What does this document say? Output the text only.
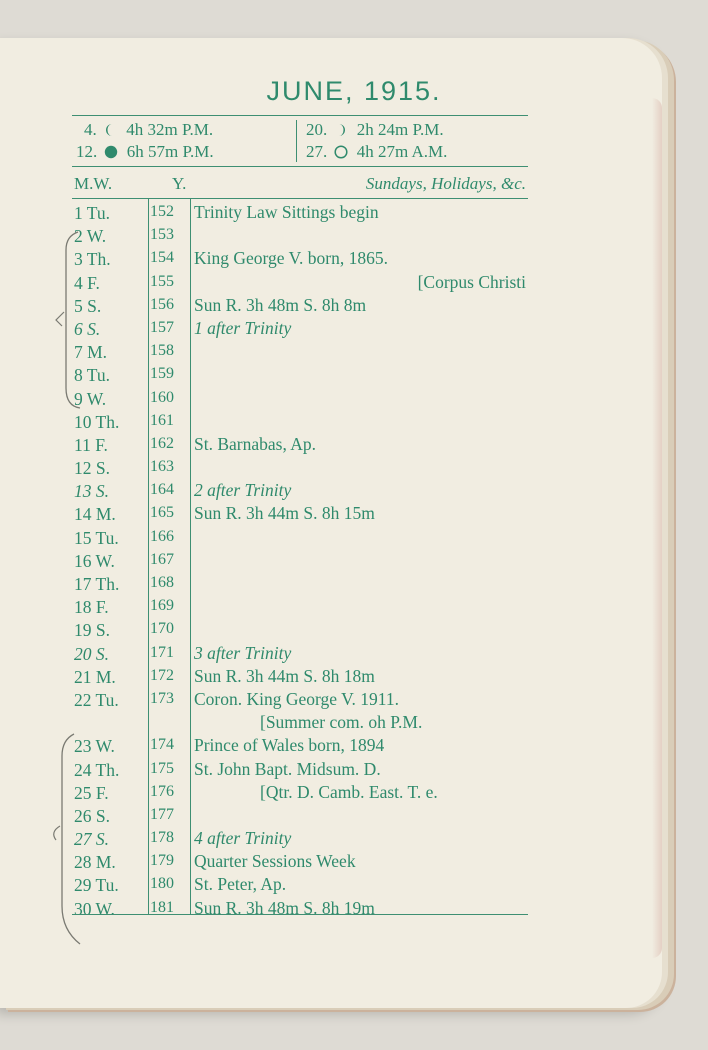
JUNE, 1915.
4. 4h 32m P.M.
12. 6h 57m P.M.
20. 2h 24m P.M.
27. 4h 27m A.M.
M.W.	Y.	Sundays, Holidays, &c.
1 Tu. 152	Trinity Law Sittings begin
2 W.	153
3 Th. 154	King George V. born, 1865.
4 F.	155	[Corpus Christi
5 S.	156	Sun R. 3h 48m S. 8h 8m
6 S.	157	1 after Trinity
7 M.	158
8 Tu. 159
9 W.	160
10 Th. 161
11 F.	162	St. Barnabas, Ap.
12 S.	163
13 S.	164	2 after Trinity
14 M. 165	Sun R. 3h 44m S. 8h 15m
15 Tu. 166
16 W. 167
17 Th. 168
18 F.	169
19 S.	170
20 S.	171	3 after Trinity
21 M. 172	Sun R. 3h 44m S. 8h 18m
22 Tu. 173	Coron. King George V. 1911.
[Summer com. oh P.M.
23 W. 174	Prince of Wales born, 1894
24 Th. 175	St. John Bapt. Midsum. D.
25 F.	176	[Qtr. D. Camb. East. T. e.
26 S.	177
27 S.	178	4 after Trinity
28 M. 179	Quarter Sessions Week
29 Tu. 180	St. Peter, Ap.
30 W. 181	Sun R. 3h 48m S. 8h 19m
